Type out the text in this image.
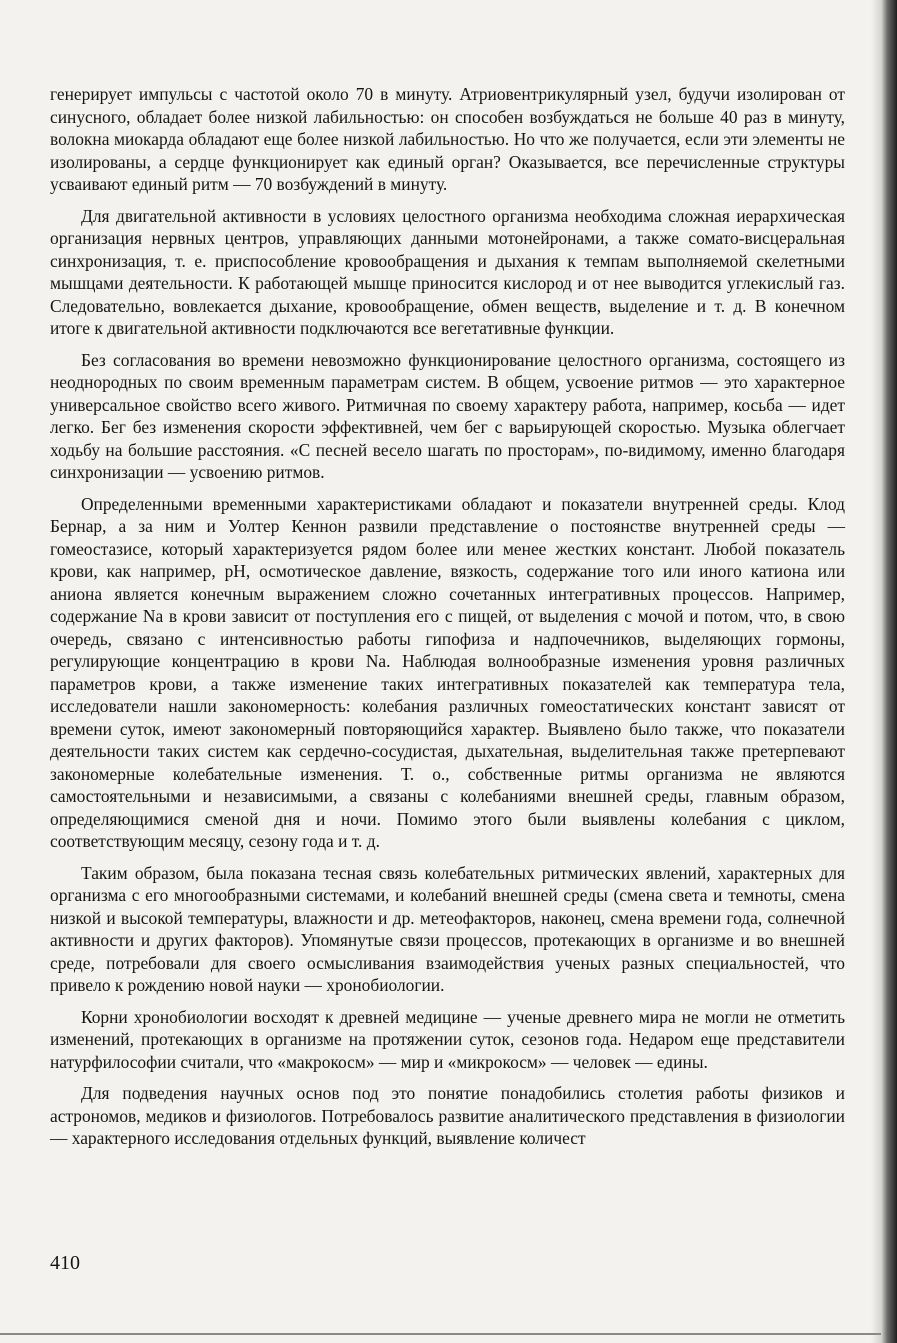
генерирует импульсы с частотой около 70 в минуту. Атриовентрикулярный узел, будучи изолирован от синусного, обладает более низкой лабильностью: он способен возбуждаться не больше 40 раз в минуту, волокна миокарда обладают еще более низкой лабильностью. Но что же получается, если эти элементы не изолированы, а сердце функционирует как единый орган? Оказывается, все перечисленные структуры усваивают единый ритм — 70 возбуждений в минуту.

Для двигательной активности в условиях целостного организма необходима сложная иерархическая организация нервных центров, управляющих данными мотонейронами, а также сомато-висцеральная синхронизация, т. е. приспособление кровообращения и дыхания к темпам выполняемой скелетными мышцами деятельности. К работающей мышце приносится кислород и от нее выводится углекислый газ. Следовательно, вовлекается дыхание, кровообращение, обмен веществ, выделение и т. д. В конечном итоге к двигательной активности подключаются все вегетативные функции.

Без согласования во времени невозможно функционирование целостного организма, состоящего из неоднородных по своим временным параметрам систем. В общем, усвоение ритмов — это характерное универсальное свойство всего живого. Ритмичная по своему характеру работа, например, косьба — идет легко. Бег без изменения скорости эффективней, чем бег с варьирующей скоростью. Музыка облегчает ходьбу на большие расстояния. «С песней весело шагать по просторам», по-видимому, именно благодаря синхронизации — усвоению ритмов.

Определенными временными характеристиками обладают и показатели внутренней среды. Клод Бернар, а за ним и Уолтер Кеннон развили представление о постоянстве внутренней среды — гомеостазисе, который характеризуется рядом более или менее жестких констант. Любой показатель крови, как например, pH, осмотическое давление, вязкость, содержание того или иного катиона или аниона является конечным выражением сложно сочетанных интегративных процессов. Например, содержание Na в крови зависит от поступления его с пищей, от выделения с мочой и потом, что, в свою очередь, связано с интенсивностью работы гипофиза и надпочечников, выделяющих гормоны, регулирующие концентрацию в крови Na. Наблюдая волнообразные изменения уровня различных параметров крови, а также изменение таких интегративных показателей как температура тела, исследователи нашли закономерность: колебания различных гомеостатических констант зависят от времени суток, имеют закономерный повторяющийся характер. Выявлено было также, что показатели деятельности таких систем как сердечно-сосудистая, дыхательная, выделительная также претерпевают закономерные колебательные изменения. Т. о., собственные ритмы организма не являются самостоятельными и независимыми, а связаны с колебаниями внешней среды, главным образом, определяющимися сменой дня и ночи. Помимо этого были выявлены колебания с циклом, соответствующим месяцу, сезону года и т. д.

Таким образом, была показана тесная связь колебательных ритмических явлений, характерных для организма с его многообразными системами, и колебаний внешней среды (смена света и темноты, смена низкой и высокой температуры, влажности и др. метеофакторов, наконец, смена времени года, солнечной активности и других факторов). Упомянутые связи процессов, протекающих в организме и во внешней среде, потребовали для своего осмысливания взаимодействия ученых разных специальностей, что привело к рождению новой науки — хронобиологии.

Корни хронобиологии восходят к древней медицине — ученые древнего мира не могли не отметить изменений, протекающих в организме на протяжении суток, сезонов года. Недаром еще представители натурфилософии считали, что «макрокосм» — мир и «микрокосм» — человек — едины.

Для подведения научных основ под это понятие понадобились столетия работы физиков и астрономов, медиков и физиологов. Потребовалось развитие аналитического представления в физиологии — характерного исследования отдельных функций, выявление количест

410
